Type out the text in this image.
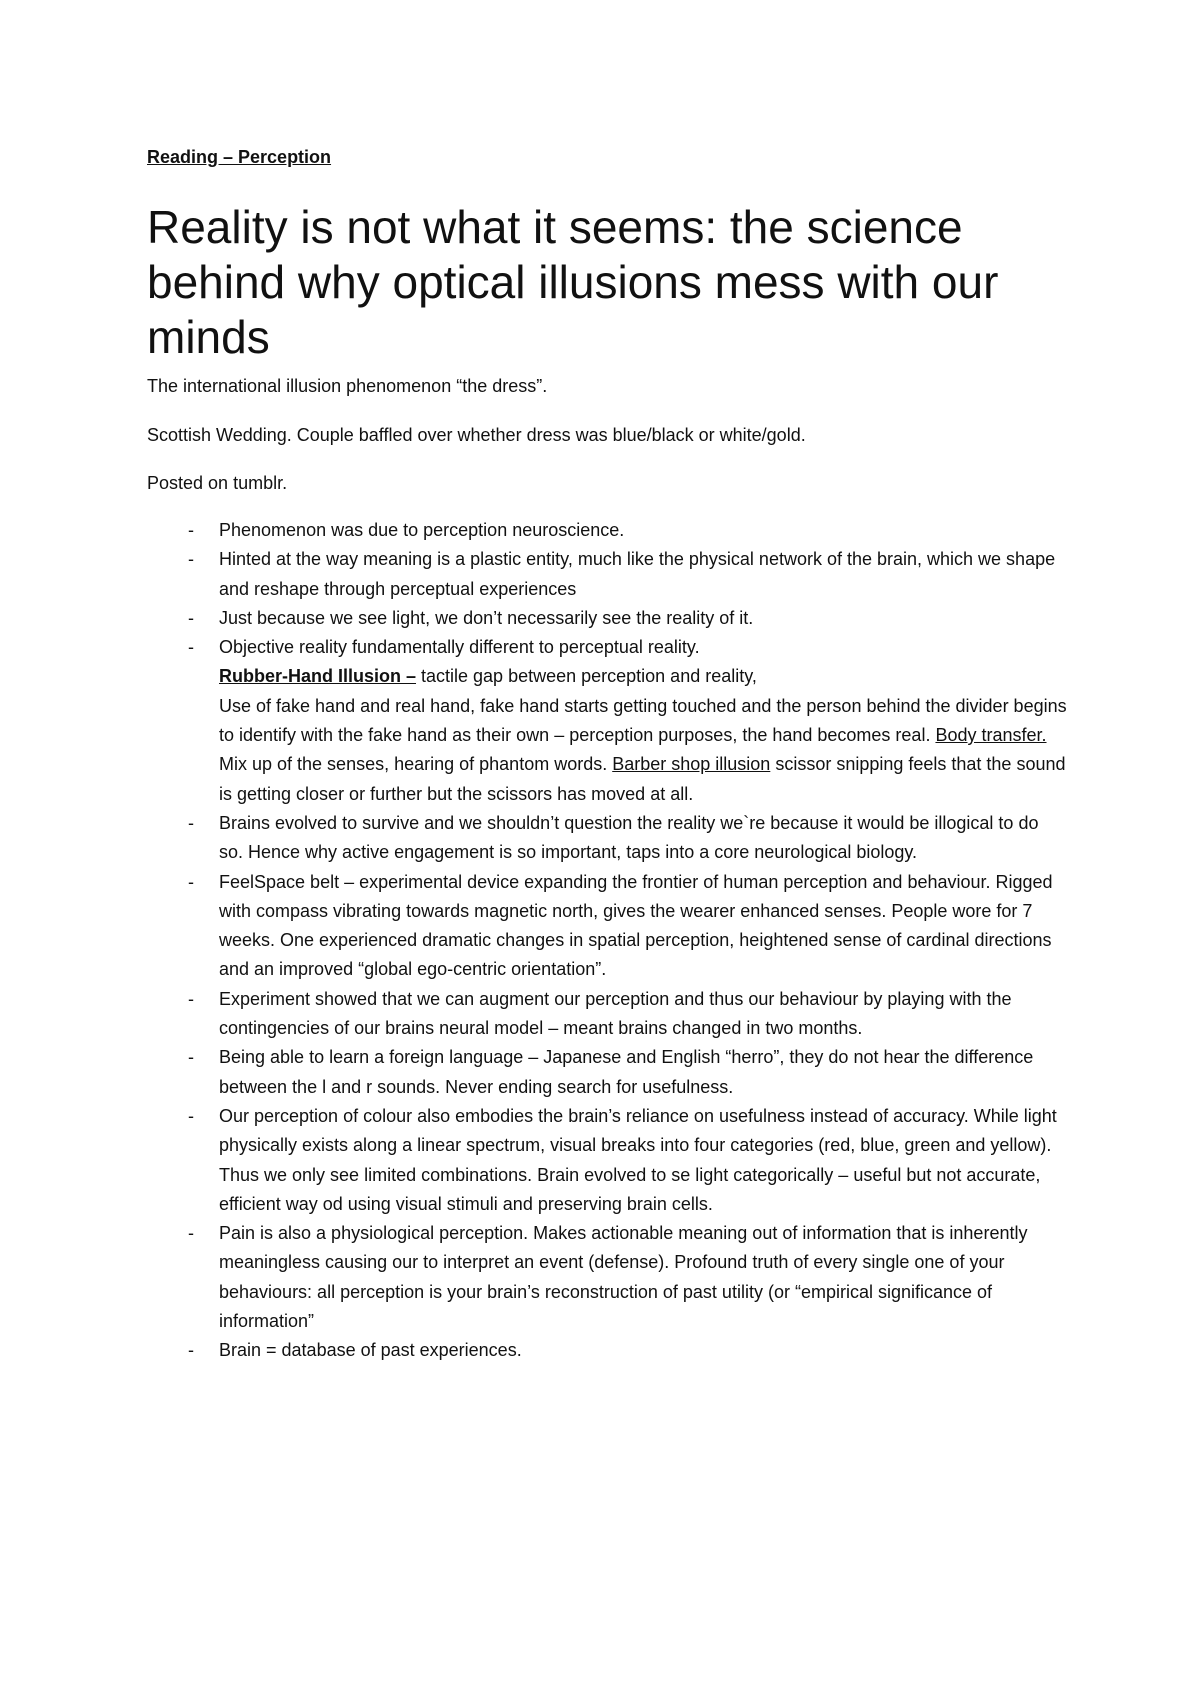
Reading – Perception
Reality is not what it seems: the science behind why optical illusions mess with our minds

The international illusion phenomenon “the dress”.

Scottish Wedding. Couple baffled over whether dress was blue/black or white/gold.

Posted on tumblr.

- Phenomenon was due to perception neuroscience.
- Hinted at the way meaning is a plastic entity, much like the physical network of the brain, which we shape and reshape through perceptual experiences
- Just because we see light, we don’t necessarily see the reality of it.
- Objective reality fundamentally different to perceptual reality.
Rubber-Hand Illusion – tactile gap between perception and reality,
Use of fake hand and real hand, fake hand starts getting touched and the person behind the divider begins to identify with the fake hand as their own – perception purposes, the hand becomes real. Body transfer. Mix up of the senses, hearing of phantom words. Barber shop illusion scissor snipping feels that the sound is getting closer or further but the scissors has moved at all.
- Brains evolved to survive and we shouldn’t question the reality we`re because it would be illogical to do so. Hence why active engagement is so important, taps into a core neurological biology.
- FeelSpace belt – experimental device expanding the frontier of human perception and behaviour. Rigged with compass vibrating towards magnetic north, gives the wearer enhanced senses. People wore for 7 weeks. One experienced dramatic changes in spatial perception, heightened sense of cardinal directions and an improved “global ego-centric orientation”.
- Experiment showed that we can augment our perception and thus our behaviour by playing with the contingencies of our brains neural model – meant brains changed in two months.
- Being able to learn a foreign language – Japanese and English “herro”, they do not hear the difference between the l and r sounds. Never ending search for usefulness.
- Our perception of colour also embodies the brain’s reliance on usefulness instead of accuracy. While light physically exists along a linear spectrum, visual breaks into four categories (red, blue, green and yellow). Thus we only see limited combinations. Brain evolved to se light categorically – useful but not accurate, efficient way od using visual stimuli and preserving brain cells.
- Pain is also a physiological perception. Makes actionable meaning out of information that is inherently meaningless causing our to interpret an event (defense). Profound truth of every single one of your behaviours: all perception is your brain’s reconstruction of past utility (or “empirical significance of information”
- Brain = database of past experiences.
